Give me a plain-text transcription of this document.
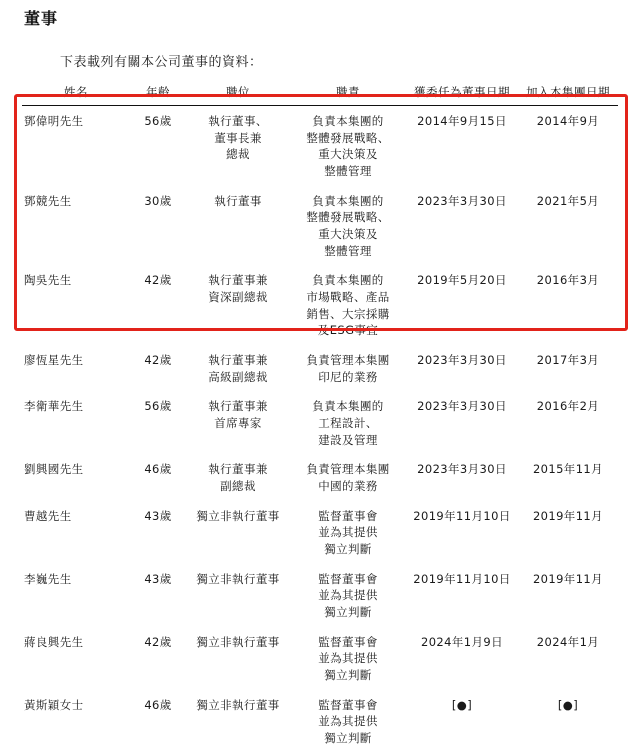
董事
下表載列有關本公司董事的資料：
姓名	年齡	職位	職責	獲委任為董事日期	加入本集團日期
鄧偉明先生	56歲	執行董事、
董事長兼
總裁	負責本集團的
整體發展戰略、
重大決策及
整體管理	2014年9月15日	2014年9月
鄧競先生	30歲	執行董事	負責本集團的
整體發展戰略、
重大決策及
整體管理	2023年3月30日	2021年5月
陶吳先生	42歲	執行董事兼
資深副總裁	負責本集團的
市場戰略、產品
銷售、大宗採購
及ESG事宜	2019年5月20日	2016年3月
廖恆星先生	42歲	執行董事兼
高級副總裁	負責管理本集團
印尼的業務	2023年3月30日	2017年3月
李衛華先生	56歲	執行董事兼
首席專家	負責本集團的
工程設計、
建設及管理	2023年3月30日	2016年2月
劉興國先生	46歲	執行董事兼
副總裁	負責管理本集團
中國的業務	2023年3月30日	2015年11月
曹越先生	43歲	獨立非執行董事	監督董事會
並為其提供
獨立判斷	2019年11月10日	2019年11月
李巍先生	43歲	獨立非執行董事	監督董事會
並為其提供
獨立判斷	2019年11月10日	2019年11月
蔣良興先生	42歲	獨立非執行董事	監督董事會
並為其提供
獨立判斷	2024年1月9日	2024年1月
黃斯穎女士	46歲	獨立非執行董事	監督董事會
並為其提供
獨立判斷	[●]	[●]
